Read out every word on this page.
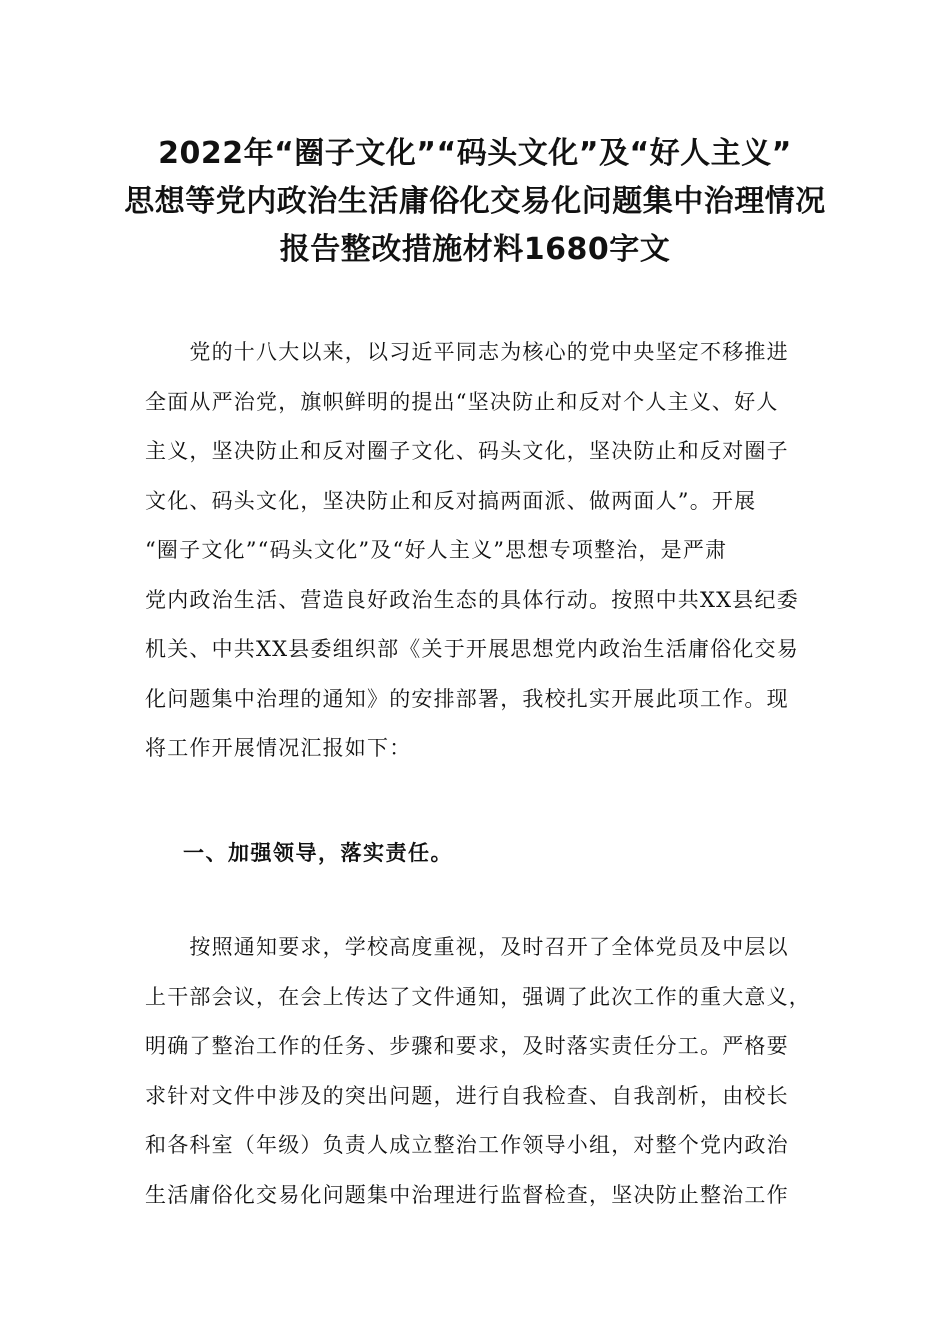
2022年“圈子文化”“码头文化”及“好人主义”
思想等党内政治生活庸俗化交易化问题集中治理情况
报告整改措施材料1680字文
　　党的十八大以来，以习近平同志为核心的党中央坚定不移推进
全面从严治党，旗帜鲜明的提出“坚决防止和反对个人主义、好人
主义，坚决防止和反对圈子文化、码头文化，坚决防止和反对圈子
文化、码头文化，坚决防止和反对搞两面派、做两面人”。开展
“圈子文化”“码头文化”及“好人主义”思想专项整治，是严肃
党内政治生活、营造良好政治生态的具体行动。按照中共XX县纪委
机关、中共XX县委组织部《关于开展思想党内政治生活庸俗化交易
化问题集中治理的通知》的安排部署，我校扎实开展此项工作。现
将工作开展情况汇报如下：
一、加强领导，落实责任。
　　按照通知要求，学校高度重视，及时召开了全体党员及中层以
上干部会议，在会上传达了文件通知，强调了此次工作的重大意义，
明确了整治工作的任务、步骤和要求，及时落实责任分工。严格要
求针对文件中涉及的突出问题，进行自我检查、自我剖析，由校长
和各科室（年级）负责人成立整治工作领导小组，对整个党内政治
生活庸俗化交易化问题集中治理进行监督检查，坚决防止整治工作
